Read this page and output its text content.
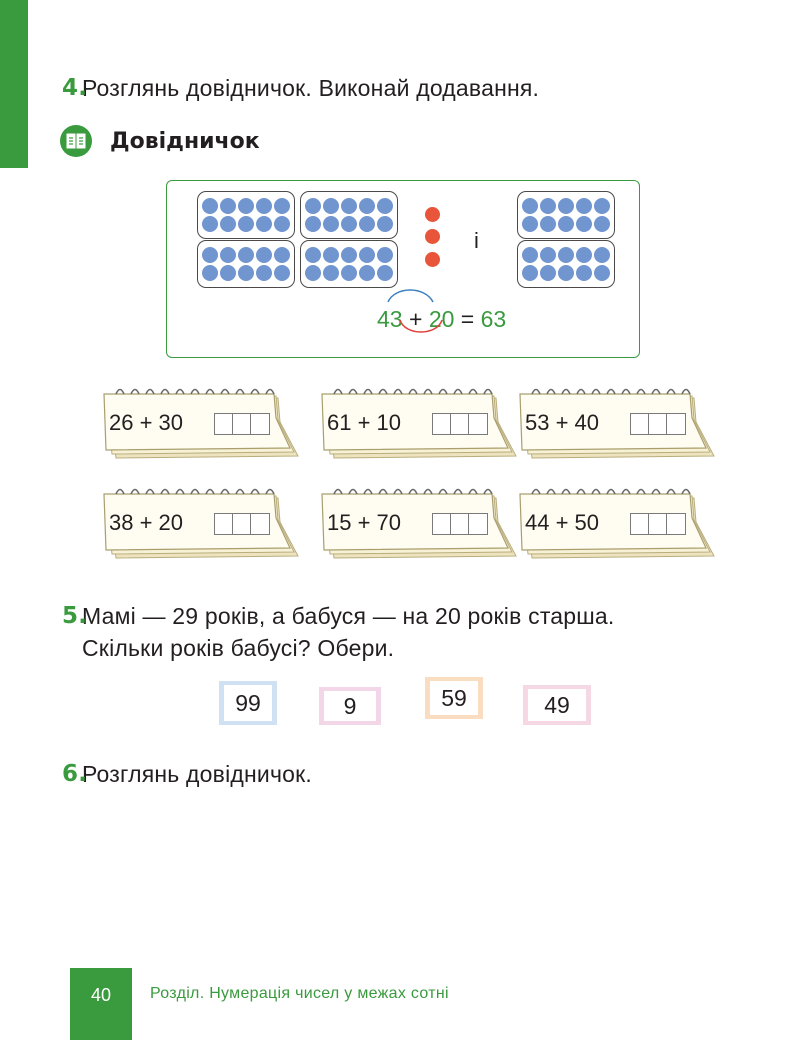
4.
Розглянь довідничок. Виконай додавання.
Довідничок
і
43 + 20 = 63
26 + 30	61 + 10	53 + 40
38 + 20	15 + 70	44 + 50
5.
Мамі — 29 років, а бабуся — на 20 років старша.
Скільки років бабусі? Обери.
99	9	59	49
6.
Розглянь довідничок.
40	Розділ. Нумерація чисел у межах сотні
